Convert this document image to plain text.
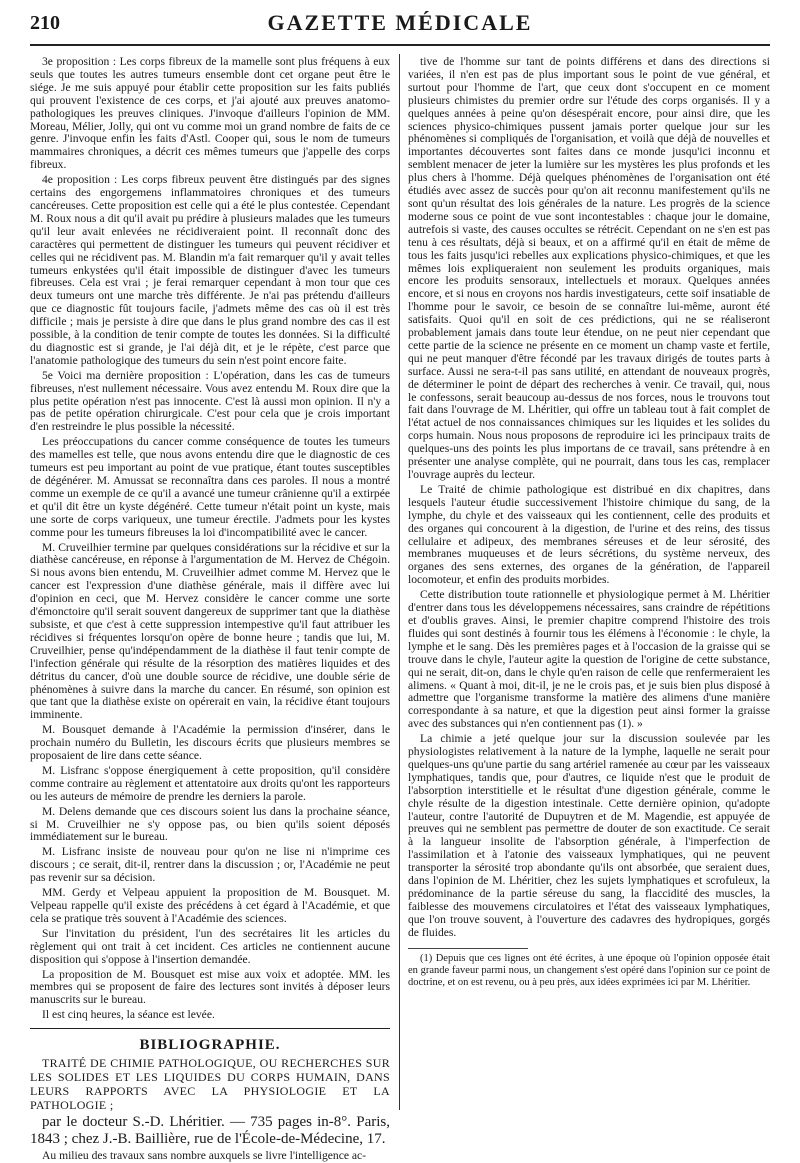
210	GAZETTE MÉDICALE

3e proposition : Les corps fibreux de la mamelle sont plus fréquens à eux seuls que toutes les autres tumeurs ensemble dont cet organe peut être le siége. Je me suis appuyé pour établir cette proposition sur les faits publiés qui prouvent l'existence de ces corps, et j'ai ajouté aux preuves anatomo-pathologiques les preuves cliniques. J'invoque d'ailleurs l'opinion de MM. Moreau, Mélier, Jolly, qui ont vu comme moi un grand nombre de faits de ce genre. J'invoque enfin les faits d'Astl. Cooper qui, sous le nom de tumeurs mammaires chroniques, a décrit ces mêmes tumeurs que j'appelle des corps fibreux.

4e proposition : Les corps fibreux peuvent être distingués par des signes certains des engorgemens inflammatoires chroniques et des tumeurs cancéreuses. Cette proposition est celle qui a été le plus contestée. Cependant M. Roux nous a dit qu'il avait pu prédire à plusieurs malades que les tumeurs qu'il leur avait enlevées ne récidiveraient point. Il reconnaît donc des caractères qui permettent de distinguer les tumeurs qui peuvent récidiver et celles qui ne récidivent pas. M. Blandin m'a fait remarquer qu'il y avait telles tumeurs enkystées qu'il était impossible de distinguer d'avec les tumeurs fibreuses. Cela est vrai ; je ferai remarquer cependant à mon tour que ces deux tumeurs ont une marche très différente. Je n'ai pas prétendu d'ailleurs que ce diagnostic fût toujours facile, j'admets même des cas où il est très difficile ; mais je persiste à dire que dans le plus grand nombre des cas il est possible, à la condition de tenir compte de toutes les données. Si la difficulté du diagnostic est si grande, je l'ai déjà dit, et je le répète, c'est parce que l'anatomie pathologique des tumeurs du sein n'est point encore faite.

5e Voici ma dernière proposition : L'opération, dans les cas de tumeurs fibreuses, n'est nullement nécessaire. Vous avez entendu M. Roux dire que la plus petite opération n'est pas innocente. C'est là aussi mon opinion. Il n'y a pas de petite opération chirurgicale. C'est pour cela que je crois important d'en restreindre le plus possible la nécessité.

Les préoccupations du cancer comme conséquence de toutes les tumeurs des mamelles est telle, que nous avons entendu dire que le diagnostic de ces tumeurs est peu important au point de vue pratique, étant toutes susceptibles de dégénérer. M. Amussat se reconnaîtra dans ces paroles. Il nous a montré comme un exemple de ce qu'il a avancé une tumeur crânienne qu'il a extirpée et qu'il dit être un kyste dégénéré. Cette tumeur n'était point un kyste, mais une sorte de corps variqueux, une tumeur érectile. J'admets pour les kystes comme pour les tumeurs fibreuses la loi d'incompatibilité avec le cancer.

M. Cruveilhier termine par quelques considérations sur la récidive et sur la diathèse cancéreuse, en réponse à l'argumentation de M. Hervez de Chégoin. Si nous avons bien entendu, M. Cruveilhier admet comme M. Hervez que le cancer est l'expression d'une diathèse générale, mais il diffère avec lui d'opinion en ceci, que M. Hervez considère le cancer comme une sorte d'émonctoire qu'il serait souvent dangereux de supprimer tant que la diathèse subsiste, et que c'est à cette suppression intempestive qu'il faut attribuer les récidives si fréquentes lorsqu'on opère de bonne heure ; tandis que lui, M. Cruveilhier, pense qu'indépendamment de la diathèse il faut tenir compte de l'infection générale qui résulte de la résorption des matières liquides et des détritus du cancer, d'où une double source de récidive, une double série de phénomènes à suivre dans la marche du cancer. En résumé, son opinion est que tant que la diathèse existe on opérerait en vain, la récidive étant toujours imminente.

M. Bousquet demande à l'Académie la permission d'insérer, dans le prochain numéro du Bulletin, les discours écrits que plusieurs membres se proposaient de lire dans cette séance.

M. Lisfranc s'oppose énergiquement à cette proposition, qu'il considère comme contraire au règlement et attentatoire aux droits qu'ont les rapporteurs ou les auteurs de mémoire de prendre les derniers la parole.

M. Delens demande que ces discours soient lus dans la prochaine séance, si M. Cruveilhier ne s'y oppose pas, ou bien qu'ils soient déposés immédiatement sur le bureau.

M. Lisfranc insiste de nouveau pour qu'on ne lise ni n'imprime ces discours ; ce serait, dit-il, rentrer dans la discussion ; or, l'Académie ne peut pas revenir sur sa décision.

MM. Gerdy et Velpeau appuient la proposition de M. Bousquet. M. Velpeau rappelle qu'il existe des précédens à cet égard à l'Académie, et que cela se pratique très souvent à l'Académie des sciences.

Sur l'invitation du président, l'un des secrétaires lit les articles du règlement qui ont trait à cet incident. Ces articles ne contiennent aucune disposition qui s'oppose à l'insertion demandée.

La proposition de M. Bousquet est mise aux voix et adoptée. MM. les membres qui se proposent de faire des lectures sont invités à déposer leurs manuscrits sur le bureau.

Il est cinq heures, la séance est levée.

BIBLIOGRAPHIE.

TRAITÉ DE CHIMIE PATHOLOGIQUE, OU RECHERCHES SUR LES SOLIDES ET LES LIQUIDES DU CORPS HUMAIN, DANS LEURS RAPPORTS AVEC LA PHYSIOLOGIE ET LA PATHOLOGIE ;

par le docteur S.-D. Lhéritier. — 735 pages in-8°. Paris, 1843 ; chez J.-B. Baillière, rue de l'École-de-Médecine, 17.

Au milieu des travaux sans nombre auxquels se livre l'intelligence ac-

tive de l'homme sur tant de points différens et dans des directions si variées, il n'en est pas de plus important sous le point de vue général, et surtout pour l'homme de l'art, que ceux dont s'occupent en ce moment plusieurs chimistes du premier ordre sur l'étude des corps organisés. Il y a quelques années à peine qu'on désespérait encore, pour ainsi dire, que les sciences physico-chimiques pussent jamais porter quelque jour sur les phénomènes si compliqués de l'organisation, et voilà que déjà de nouvelles et importantes découvertes sont faites dans ce monde jusqu'ici inconnu et semblent menacer de jeter la lumière sur les mystères les plus profonds et les plus chers à l'homme. Déjà quelques phénomènes de l'organisation ont été étudiés avec assez de succès pour qu'on ait reconnu manifestement qu'ils ne sont qu'un résultat des lois générales de la nature. Les progrès de la science moderne sous ce point de vue sont incontestables : chaque jour le domaine, autrefois si vaste, des causes occultes se rétrécit. Cependant on ne s'en est pas tenu à ces résultats, déjà si beaux, et on a affirmé qu'il en était de même de tous les faits jusqu'ici rebelles aux explications physico-chimiques, et que les mêmes lois expliqueraient non seulement les produits organiques, mais encore les produits sensoraux, intellectuels et moraux. Quelques années encore, et si nous en croyons nos hardis investigateurs, cette soif insatiable de l'homme pour le savoir, ce besoin de se connaître lui-même, auront été satisfaits. Quoi qu'il en soit de ces prédictions, qui ne se réaliseront probablement jamais dans toute leur étendue, on ne peut nier cependant que cette partie de la science ne présente en ce moment un champ vaste et fertile, qui ne peut manquer d'être fécondé par les travaux dirigés de toutes parts à surface. Aussi ne sera-t-il pas sans utilité, en attendant de nouveaux progrès, de déterminer le point de départ des recherches à venir. Ce travail, qui, nous le confessons, serait beaucoup au-dessus de nos forces, nous le trouvons tout fait dans l'ouvrage de M. Lhéritier, qui offre un tableau tout à fait complet de l'état actuel de nos connaissances chimiques sur les liquides et les solides du corps humain. Nous nous proposons de reproduire ici les principaux traits de quelques-uns des points les plus importans de ce travail, sans prétendre à en présenter une analyse complète, qui ne pourrait, dans tous les cas, remplacer l'ouvrage auprès du lecteur.

Le Traité de chimie pathologique est distribué en dix chapitres, dans lesquels l'auteur étudie successivement l'histoire chimique du sang, de la lymphe, du chyle et des vaisseaux qui les contiennent, celle des produits et des organes qui concourent à la digestion, de l'urine et des reins, des tissus cellulaire et adipeux, des membranes séreuses et de leur sérosité, des membranes muqueuses et de leurs sécrétions, du système nerveux, des organes des sens externes, des organes de la génération, de l'appareil locomoteur, et enfin des produits morbides.

Cette distribution toute rationnelle et physiologique permet à M. Lhéritier d'entrer dans tous les développemens nécessaires, sans craindre de répétitions et d'oublis graves. Ainsi, le premier chapitre comprend l'histoire des trois fluides qui sont destinés à fournir tous les élémens à l'économie : le chyle, la lymphe et le sang. Dès les premières pages et à l'occasion de la graisse qui se trouve dans le chyle, l'auteur agite la question de l'origine de cette substance, qui ne serait, dit-on, dans le chyle qu'en raison de celle que renfermeraient les alimens. « Quant à moi, dit-il, je ne le crois pas, et je suis bien plus disposé à admettre que l'organisme transforme la matière des alimens d'une manière correspondante à sa nature, et que la digestion peut ainsi former la graisse avec des substances qui n'en contiennent pas (1). »

La chimie a jeté quelque jour sur la discussion soulevée par les physiologistes relativement à la nature de la lymphe, laquelle ne serait pour quelques-uns qu'une partie du sang artériel ramenée au cœur par les vaisseaux lymphatiques, tandis que, pour d'autres, ce liquide n'est que le produit de l'absorption interstitielle et le résultat d'une digestion générale, comme le chyle résulte de la digestion intestinale. Cette dernière opinion, qu'adopte l'auteur, contre l'autorité de Dupuytren et de M. Magendie, est appuyée de preuves qui ne semblent pas permettre de douter de son exactitude. Ce serait à la langueur insolite de l'absorption générale, à l'imperfection de l'assimilation et à l'atonie des vaisseaux lymphatiques, qui ne peuvent transporter la sérosité trop abondante qu'ils ont absorbée, que seraient dues, dans l'opinion de M. Lhéritier, chez les sujets lymphatiques et scrofuleux, la prédominance de la partie séreuse du sang, la flaccidité des muscles, la faiblesse des mouvemens circulatoires et l'état des vaisseaux lymphatiques, que l'on trouve souvent, à l'ouverture des cadavres des hydropiques, gorgés de fluides.

(1) Depuis que ces lignes ont été écrites, à une époque où l'opinion opposée était en grande faveur parmi nous, un changement s'est opéré dans l'opinion sur ce point de doctrine, et on est revenu, ou à peu près, aux idées exprimées ici par M. Lhéritier.
